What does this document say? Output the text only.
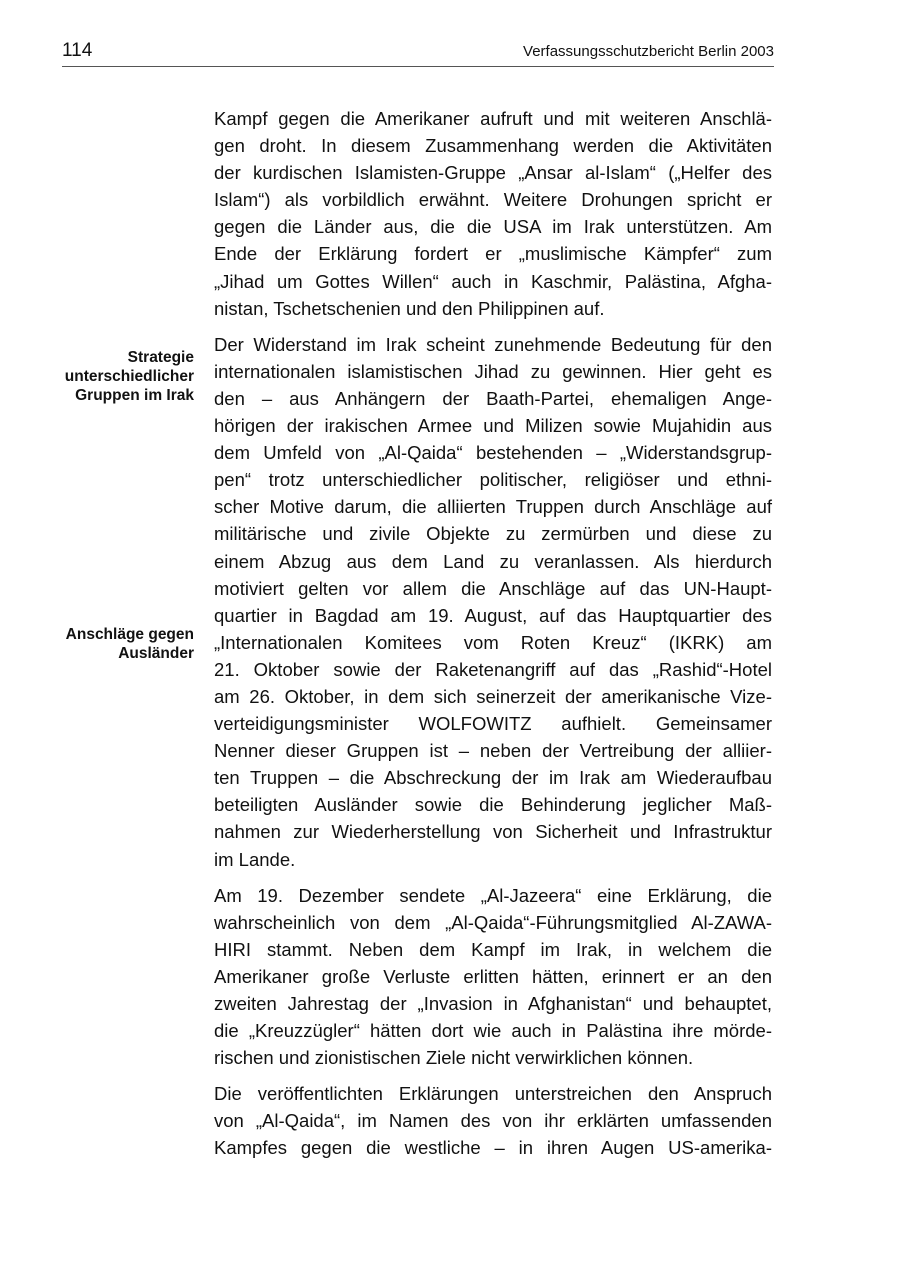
114	Verfassungsschutzbericht Berlin 2003
Strategie
unterschiedlicher
Gruppen im Irak
Anschläge gegen
Ausländer
Kampf gegen die Amerikaner aufruft und mit weiteren Anschlä-
gen droht. In diesem Zusammenhang werden die Aktivitäten
der kurdischen Islamisten-Gruppe „Ansar al-Islam“ („Helfer des
Islam“) als vorbildlich erwähnt. Weitere Drohungen spricht er
gegen die Länder aus, die die USA im Irak unterstützen. Am
Ende der Erklärung fordert er „muslimische Kämpfer“ zum
„Jihad um Gottes Willen“ auch in Kaschmir, Palästina, Afgha-
nistan, Tschetschenien und den Philippinen auf.
Der Widerstand im Irak scheint zunehmende Bedeutung für den
internationalen islamistischen Jihad zu gewinnen. Hier geht es
den – aus Anhängern der Baath-Partei, ehemaligen Ange-
hörigen der irakischen Armee und Milizen sowie Mujahidin aus
dem Umfeld von „Al-Qaida“ bestehenden – „Widerstandsgrup-
pen“ trotz unterschiedlicher politischer, religiöser und ethni-
scher Motive darum, die alliierten Truppen durch Anschläge auf
militärische und zivile Objekte zu zermürben und diese zu
einem Abzug aus dem Land zu veranlassen. Als hierdurch
motiviert gelten vor allem die Anschläge auf das UN-Haupt-
quartier in Bagdad am 19. August, auf das Hauptquartier des
„Internationalen Komitees vom Roten Kreuz“ (IKRK) am
21. Oktober sowie der Raketenangriff auf das „Rashid“-Hotel
am 26. Oktober, in dem sich seinerzeit der amerikanische Vize-
verteidigungsminister WOLFOWITZ aufhielt. Gemeinsamer
Nenner dieser Gruppen ist – neben der Vertreibung der alliier-
ten Truppen – die Abschreckung der im Irak am Wiederaufbau
beteiligten Ausländer sowie die Behinderung jeglicher Maß-
nahmen zur Wiederherstellung von Sicherheit und Infrastruktur
im Lande.
Am 19. Dezember sendete „Al-Jazeera“ eine Erklärung, die
wahrscheinlich von dem „Al-Qaida“-Führungsmitglied Al-ZAWA-
HIRI stammt. Neben dem Kampf im Irak, in welchem die
Amerikaner große Verluste erlitten hätten, erinnert er an den
zweiten Jahrestag der „Invasion in Afghanistan“ und behauptet,
die „Kreuzzügler“ hätten dort wie auch in Palästina ihre mörde-
rischen und zionistischen Ziele nicht verwirklichen können.
Die veröffentlichten Erklärungen unterstreichen den Anspruch
von „Al-Qaida“, im Namen des von ihr erklärten umfassenden
Kampfes gegen die westliche – in ihren Augen US-amerika-
